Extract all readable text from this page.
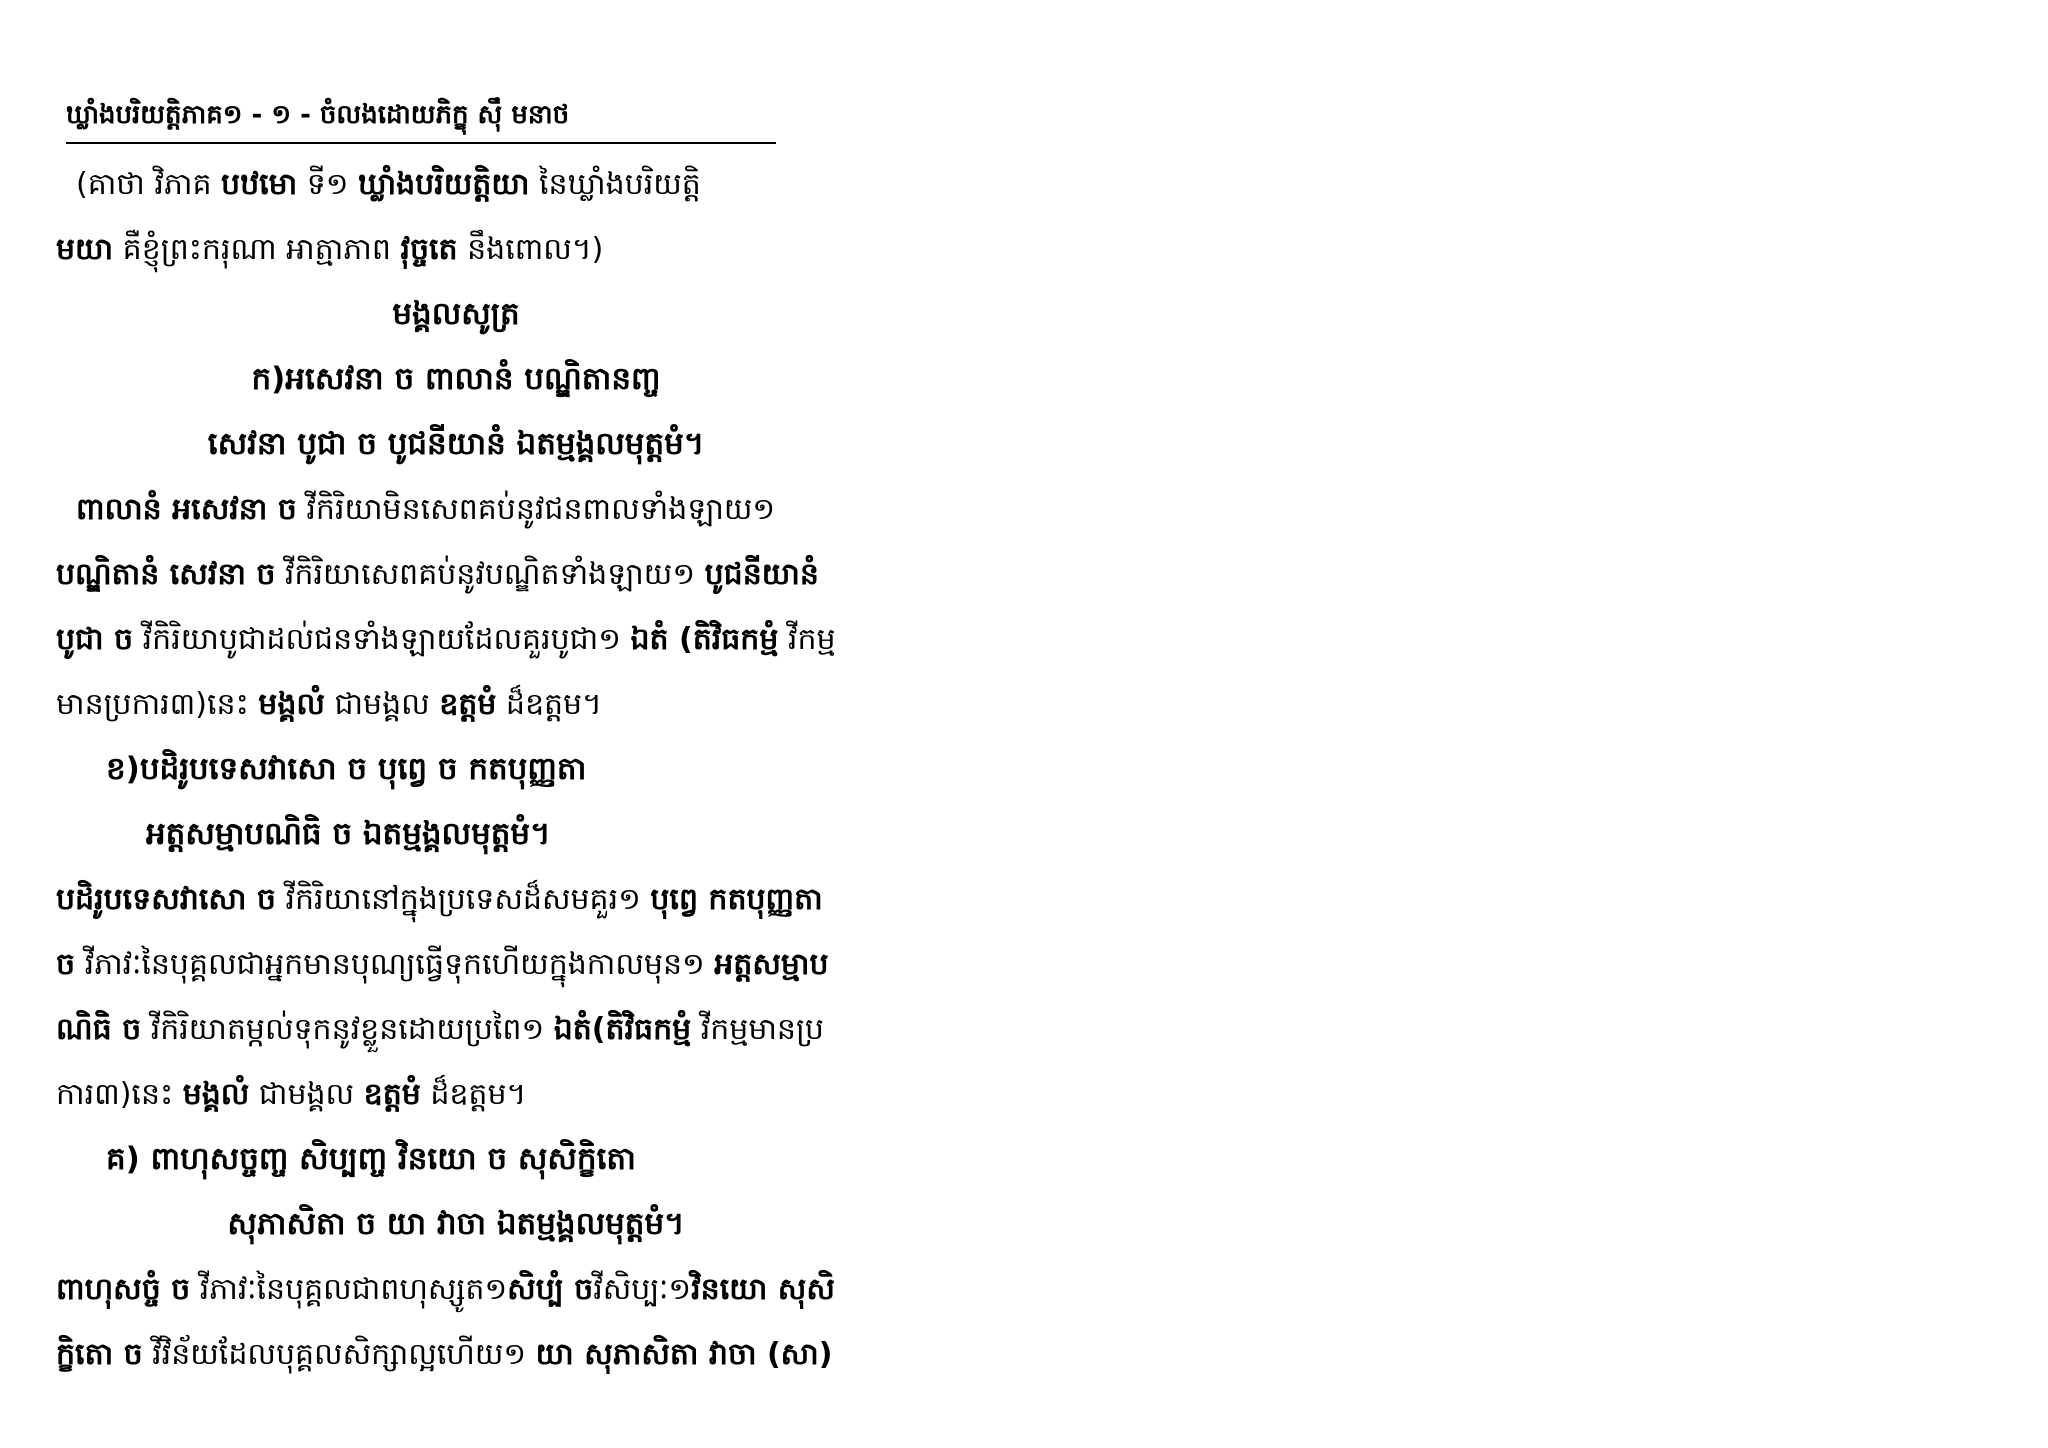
ឃ្លាំងបរិយត្តិភាគ១ ‑ ១ ‑ ចំលងដោយភិក្ខុ ស៊ឹ មនាថ
(គាថា វិភាគ បឋមោ ទី១ ឃ្លាំងបរិយត្តិយា នៃឃ្លាំងបរិយត្តិ
មយា គឺខ្ញុំព្រះករុណា អាត្មាភាព វុច្ចតេ នឹងពោល។)
មង្គលសូត្រ
ក)អសេវនា ច ពាលានំ បណ្ឌិតានញ្ច
សេវនា បូជា ច បូជនីយានំ ឯតម្មង្គលមុត្តមំ។
ពាលានំ អសេវនា ច វីកិរិយាមិនសេពគប់នូវជនពាលទាំងឡាយ១
បណ្ឌិតានំ សេវនា ច វីកិរិយាសេពគប់នូវបណ្ឌិតទាំងឡាយ១ បូជនីយានំ
បូជា ច វីកិរិយាបូជាដល់ជនទាំងឡាយដែលគួរបូជា១ ឯតំ (តិវិធកម្មំ វីកម្ម
មានប្រការ៣)នេះ មង្គលំ ជាមង្គល ឧត្តមំ ដ៏ឧត្តម។
ខ)បដិរូបទេសវាសោ ច បុព្វេ ច កតបុញ្ញតា
អត្តសម្មាបណិធិ ច ឯតម្មង្គលមុត្តមំ។
បដិរូបទេសវាសោ ច វីកិរិយានៅក្នុងប្រទេសដ៏សមគួរ១ បុព្វេ កតបុញ្ញតា
ច វីភាវៈនៃបុគ្គលជាអ្នកមានបុណ្យធ្វើទុកហើយក្នុងកាលមុន១ អត្តសម្មាប
ណិធិ ច វីកិរិយាតម្កល់ទុកនូវខ្លួនដោយប្រពៃ១ ឯតំ(តិវិធកម្មំ វីកម្មមានប្រ
ការ៣)នេះ មង្គលំ ជាមង្គល ឧត្តមំ ដ៏ឧត្តម។
គ) ពាហុសច្ចញ្ច សិប្បញ្ច វិនយោ ច សុសិក្ខិតោ
សុភាសិតា ច យា វាចា ឯតម្មង្គលមុត្តមំ។
ពាហុសច្ចំ ច វីភាវៈនៃបុគ្គលជាពហុស្សូត១សិប្បំ ចវីសិប្បៈ១វិនយោ សុសិ
ក្ខិតោ ច វីវិន័យដែលបុគ្គលសិក្សាល្អហើយ១ យា សុភាសិតា វាចា (សា)
